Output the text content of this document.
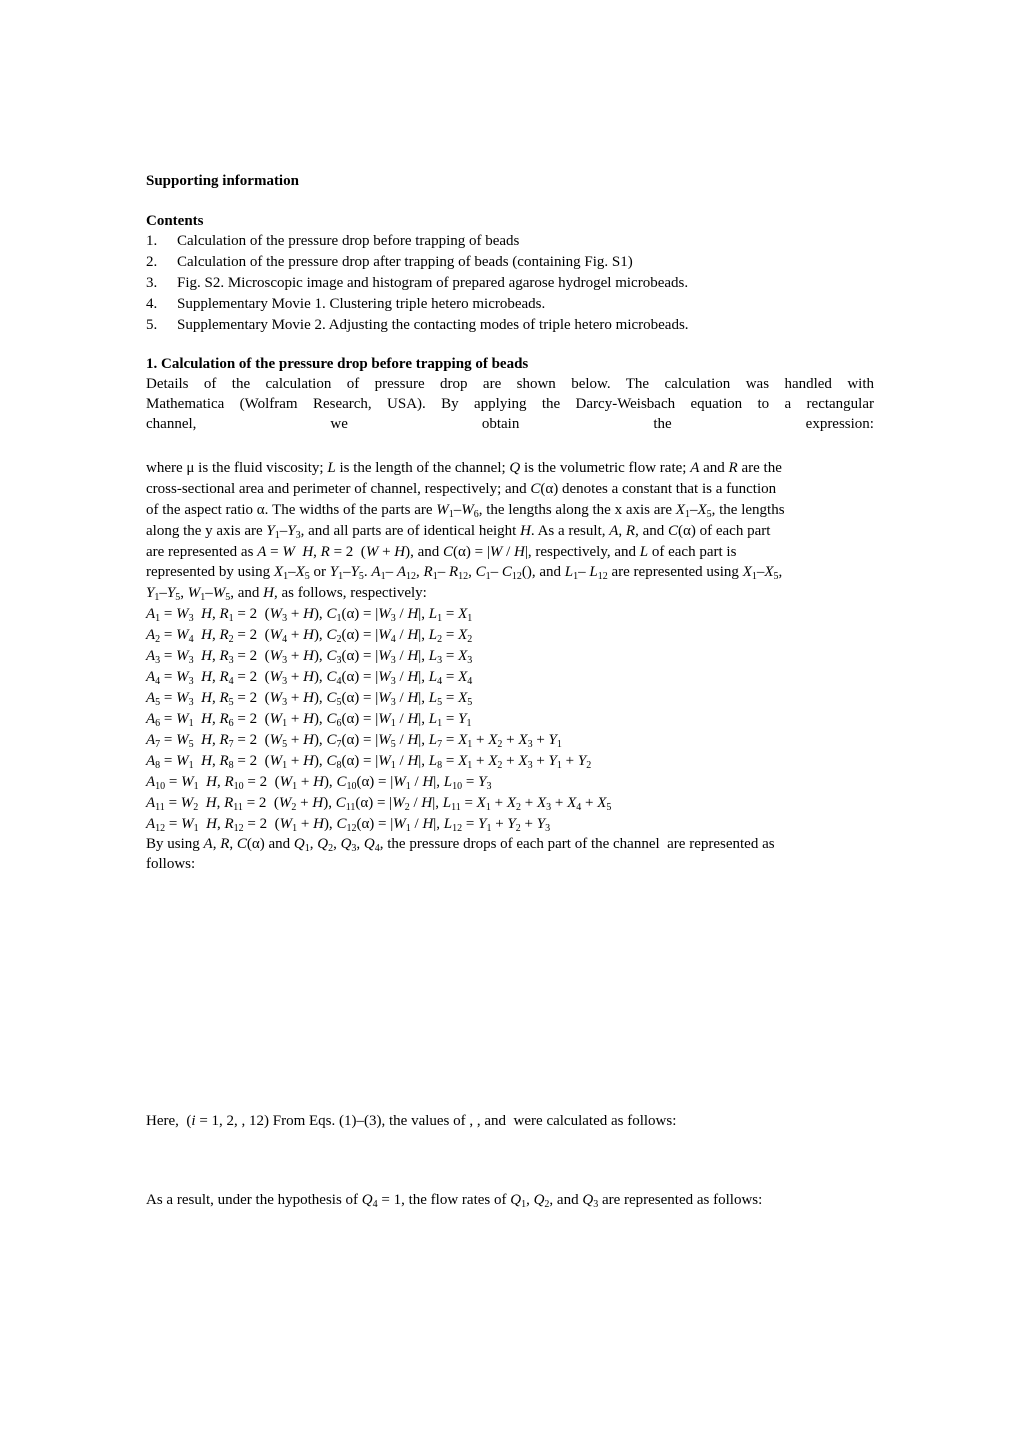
Supporting information
Contents
1.	Calculation of the pressure drop before trapping of beads
2.	Calculation of the pressure drop after trapping of beads (containing Fig. S1)
3.	Fig. S2. Microscopic image and histogram of prepared agarose hydrogel microbeads.
4.	Supplementary Movie 1. Clustering triple hetero microbeads.
5.	Supplementary Movie 2. Adjusting the contacting modes of triple hetero microbeads.
1. Calculation of the pressure drop before trapping of beads
Details of the calculation of pressure drop are shown below. The calculation was handled with
Mathematica (Wolfram Research, USA). By applying the Darcy-Weisbach equation to a rectangular
channel,	we	obtain	the	expression:
where μ is the fluid viscosity; L is the length of the channel; Q is the volumetric flow rate; A and R are the
cross-sectional area and perimeter of channel, respectively; and C(α) denotes a constant that is a function
of the aspect ratio α. The widths of the parts are $W_1-W_6$, the lengths along the x axis are $X_1-X_5$, the lengths
along the y axis are $Y_1-Y_3$, and all parts are of identical height H. As a result, A, R, and C(α) of each part
are represented as A = W H, R = 2  (W + H), and C(α) = |W / H|, respectively, and L of each part is
represented by using $X_1-X_5$ or $Y_1-Y_5$. $A_1-$ $A_{12}$, $R_1-$ $R_{12}$, $C_1-$ $C_{12}()$, and $L_1-$ $L_{12}$ are represented using $X_1-X_5$,
$Y_1-Y_5$, $W_1-W_5$, and H, as follows, respectively:
$A_1 = W_3$ H, $R_1 = 2$  $(W_3 + H)$, $C_1(\alpha) = |W_3 / H|$, $L_1 = X_1$
$A_2 = W_4$ H, $R_2 = 2$  $(W_4 + H)$, $C_2(\alpha) = |W_4 / H|$, $L_2 = X_2$
$A_3 = W_3$ H, $R_3 = 2$  $(W_3 + H)$, $C_3(\alpha) = |W_3 / H|$, $L_3 = X_3$
$A_4 = W_3$ H, $R_4 = 2$  $(W_3 + H)$, $C_4(\alpha) = |W_3 / H|$, $L_4 = X_4$
$A_5 = W_3$ H, $R_5 = 2$  $(W_3 + H)$, $C_5(\alpha) = |W_3 / H|$, $L_5 = X_5$
$A_6 = W_1$ H, $R_6 = 2$  $(W_1 + H)$, $C_6(\alpha) = |W_1 / H|$, $L_1 = Y_1$
$A_7 = W_5$ H, $R_7 = 2$  $(W_5 + H)$, $C_7(\alpha) = |W_5 / H|$, $L_7 = X_1 + X_2 + X_3 + Y_1$
$A_8 = W_1$ H, $R_8 = 2$  $(W_1 + H)$, $C_8(\alpha) = |W_1 / H|$, $L_8 = X_1 + X_2 + X_3 + Y_1 + Y_2$
$A_{10} = W_1$ H, $R_{10} = 2$  $(W_1 + H)$, $C_{10}(\alpha) = |W_1 / H|$, $L_{10} = Y_3$
$A_{11} = W_2$ H, $R_{11} = 2$  $(W_2 + H)$, $C_{11}(\alpha) = |W_2 / H|$, $L_{11} = X_1 + X_2 + X_3 + X_4 + X_5$
$A_{12} = W_1$ H, $R_{12} = 2$  $(W_1 + H)$, $C_{12}(\alpha) = |W_1 / H|$, $L_{12} = Y_1 + Y_2 + Y_3$
By using A, R, C(α) and $Q_1$, $Q_2$, $Q_3$, $Q_4$, the pressure drops of each part of the channel  are represented as
follows:
Here,  (i = 1, 2, , 12) From Eqs. (1)–(3), the values of , , and  were calculated as follows:
As a result, under the hypothesis of $Q_4 = 1$, the flow rates of $Q_1$, $Q_2$, and $Q_3$ are represented as follows:
